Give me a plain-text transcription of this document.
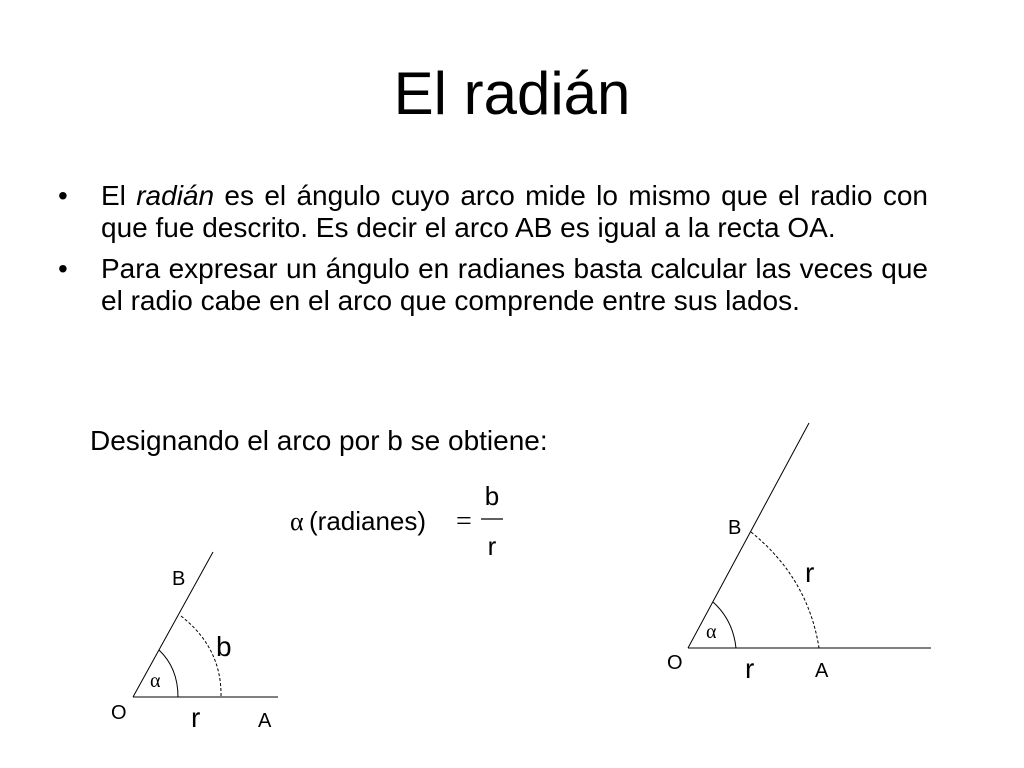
El radián
• El radián es el ángulo cuyo arco mide lo mismo que el radio con que fue descrito. Es decir el arco AB es igual a la recta OA.
• Para expresar un ángulo en radianes basta calcular las veces que el radio cabe en el arco que comprende entre sus lados.
Designando el arco por b se obtiene:
α (radianes) =
b
r
B
O	A
b
r
α
B
O	A
r
r
α
